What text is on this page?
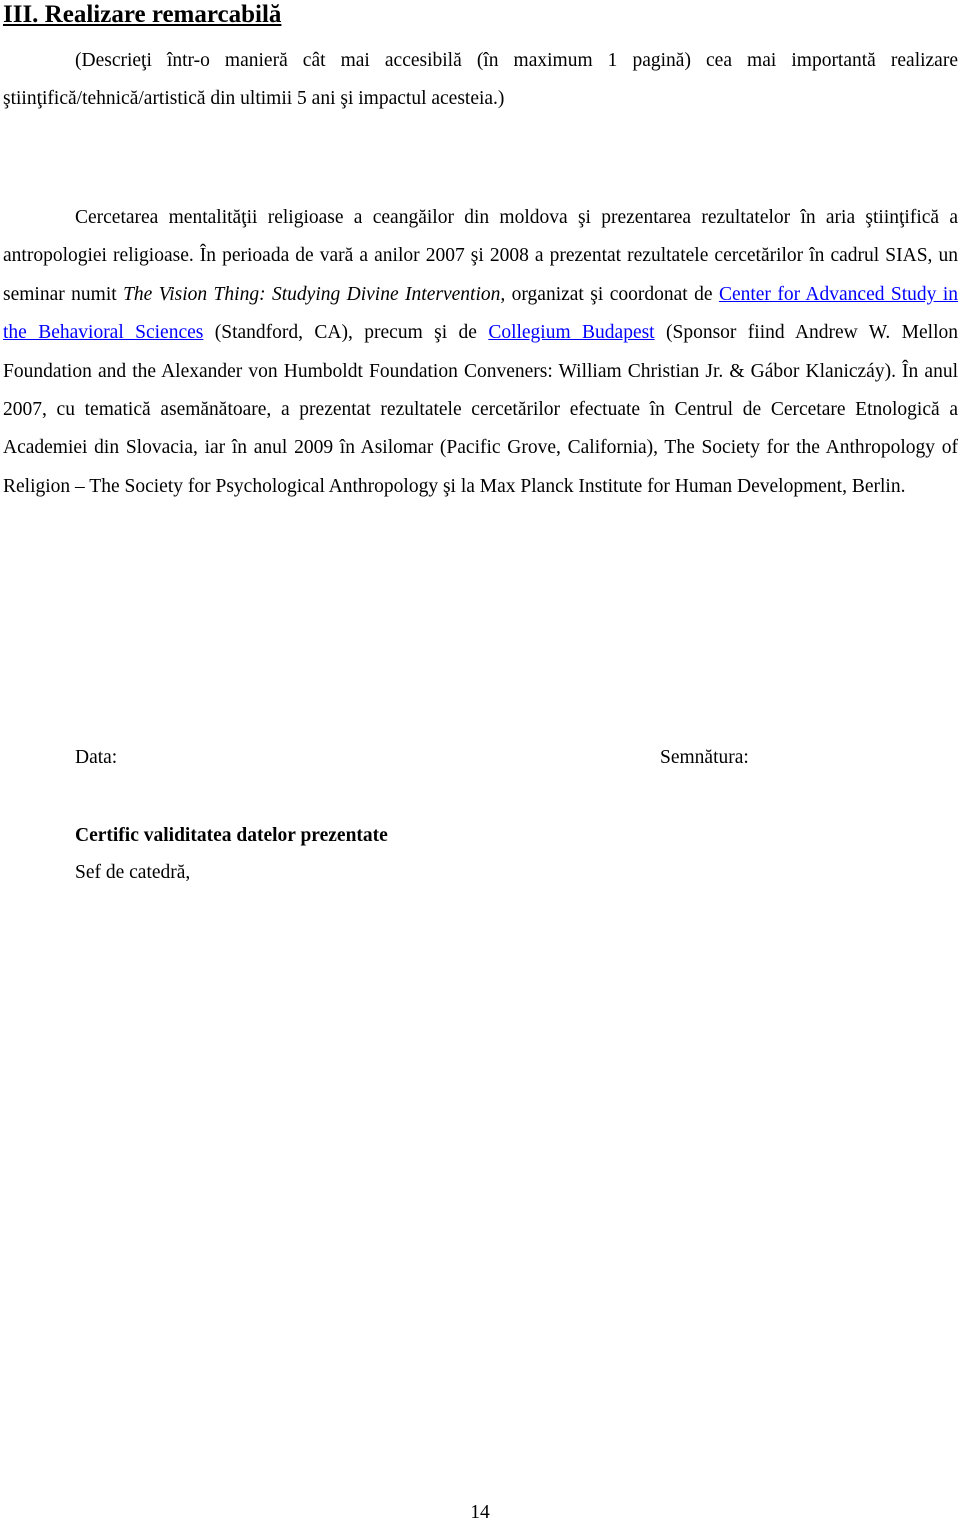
III. Realizare remarcabilă
(Descrieţi într-o manieră cât mai accesibilă (în maximum 1 pagină) cea mai importantă realizare ştiinţifică/tehnică/artistică din ultimii 5 ani şi impactul acesteia.)
Cercetarea mentalităţii religioase a ceangăilor din moldova şi prezentarea rezultatelor în aria ştiinţifică a antropologiei religioase. În perioada de vară a anilor 2007 şi 2008 a prezentat rezultatele cercetărilor în cadrul SIAS, un seminar numit The Vision Thing: Studying Divine Intervention, organizat şi coordonat de Center for Advanced Study in the Behavioral Sciences (Standford, CA), precum şi de Collegium Budapest (Sponsor fiind Andrew W. Mellon Foundation and the Alexander von Humboldt Foundation Conveners: William Christian Jr. & Gábor Klaniczáy). În anul 2007, cu tematică asemănătoare, a prezentat rezultatele cercetărilor efectuate în Centrul de Cercetare Etnologică a Academiei din Slovacia, iar în anul 2009 în Asilomar (Pacific Grove, California), The Society for the Anthropology of Religion – The Society for Psychological Anthropology şi la Max Planck Institute for Human Development, Berlin.
Data:	Semnătura:
Certific validitatea datelor prezentate
Sef de catedră,
14
